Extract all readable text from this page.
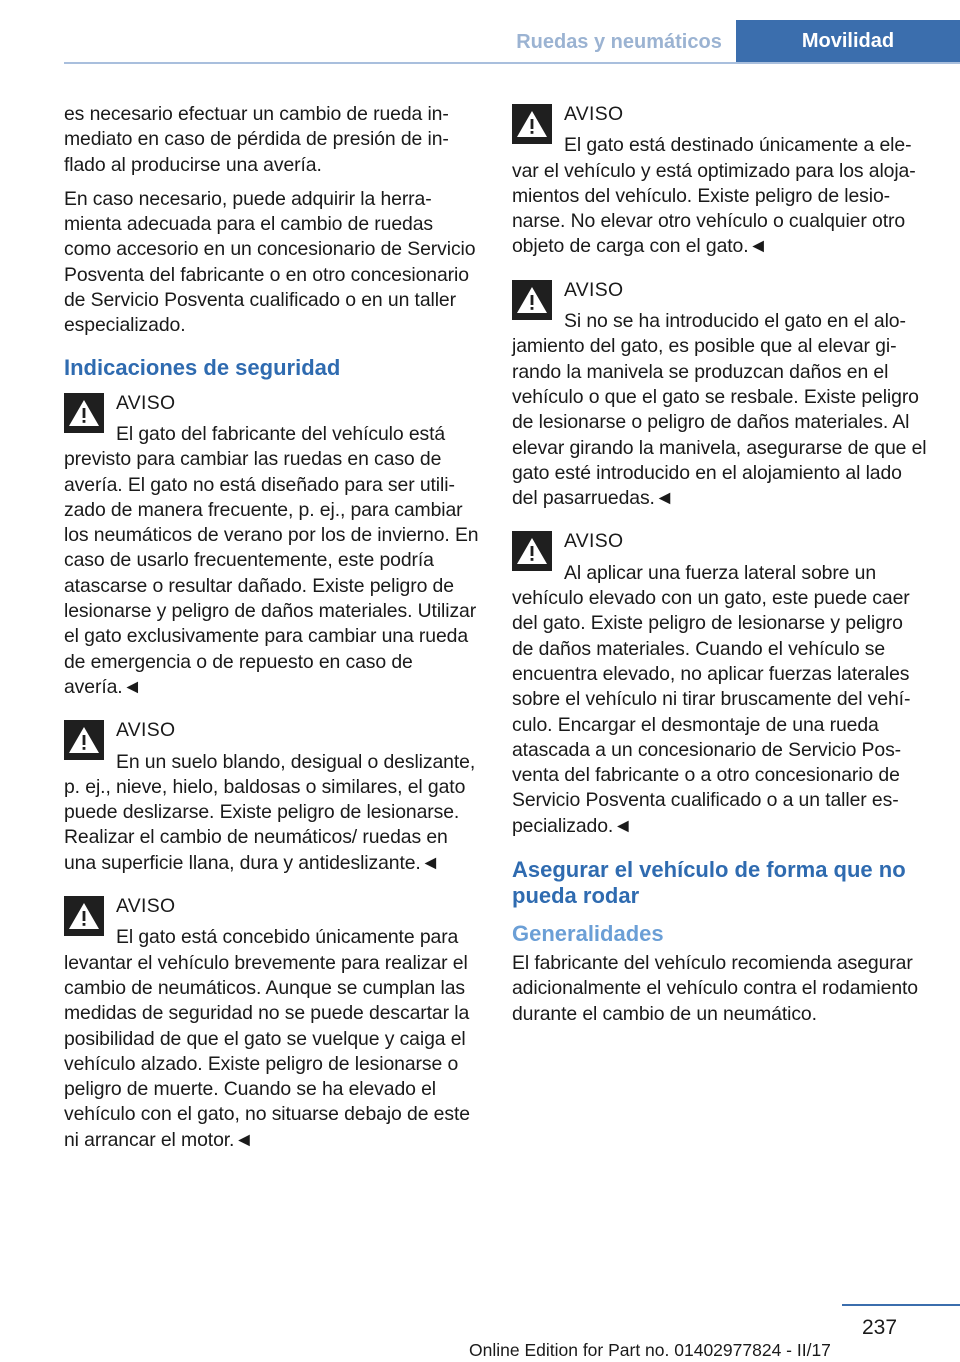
Ruedas y neumáticos	Movilidad

es necesario efectuar un cambio de rueda inmediato en caso de pérdida de presión de inflado al producirse una avería.

En caso necesario, puede adquirir la herramienta adecuada para el cambio de ruedas como accesorio en un concesionario de Servicio Posventa del fabricante o en otro concesionario de Servicio Posventa cualificado o en un taller especializado.

Indicaciones de seguridad
AVISO

El gato del fabricante del vehículo está previsto para cambiar las ruedas en caso de avería. El gato no está diseñado para ser utilizado de manera frecuente, p. ej., para cambiar los neumáticos de verano por los de invierno. En caso de usarlo frecuentemente, este podría atascarse o resultar dañado. Existe peligro de lesionarse y peligro de daños materiales. Utilizar el gato exclusivamente para cambiar una rueda de emergencia o de repuesto en caso de avería.◄

AVISO

En un suelo blando, desigual o deslizante, p. ej., nieve, hielo, baldosas o similares, el gato puede deslizarse. Existe peligro de lesionarse. Realizar el cambio de neumáticos/ ruedas en una superficie llana, dura y antideslizante.◄

AVISO

El gato está concebido únicamente para levantar el vehículo brevemente para realizar el cambio de neumáticos. Aunque se cumplan las medidas de seguridad no se puede descartar la posibilidad de que el gato se vuelque y caiga el vehículo alzado. Existe peligro de lesionarse o peligro de muerte. Cuando se ha elevado el vehículo con el gato, no situarse debajo de este ni arrancar el motor.◄

AVISO

El gato está destinado únicamente a elevar el vehículo y está optimizado para los alojamientos del vehículo. Existe peligro de lesionarse. No elevar otro vehículo o cualquier otro objeto de carga con el gato.◄

AVISO

Si no se ha introducido el gato en el alojamiento del gato, es posible que al elevar girando la manivela se produzcan daños en el vehículo o que el gato se resbale. Existe peligro de lesionarse o peligro de daños materiales. Al elevar girando la manivela, asegurarse de que el gato esté introducido en el alojamiento al lado del pasarruedas.◄

AVISO

Al aplicar una fuerza lateral sobre un vehículo elevado con un gato, este puede caer del gato. Existe peligro de lesionarse y peligro de daños materiales. Cuando el vehículo se encuentra elevado, no aplicar fuerzas laterales sobre el vehículo ni tirar bruscamente del vehículo. Encargar el desmontaje de una rueda atascada a un concesionario de Servicio Posventa del fabricante o a otro concesionario de Servicio Posventa cualificado o a un taller especializado.◄

Asegurar el vehículo de forma que no pueda rodar
Generalidades

El fabricante del vehículo recomienda asegurar adicionalmente el vehículo contra el rodamiento durante el cambio de un neumático.

237
Online Edition for Part no. 01402977824 - II/17
